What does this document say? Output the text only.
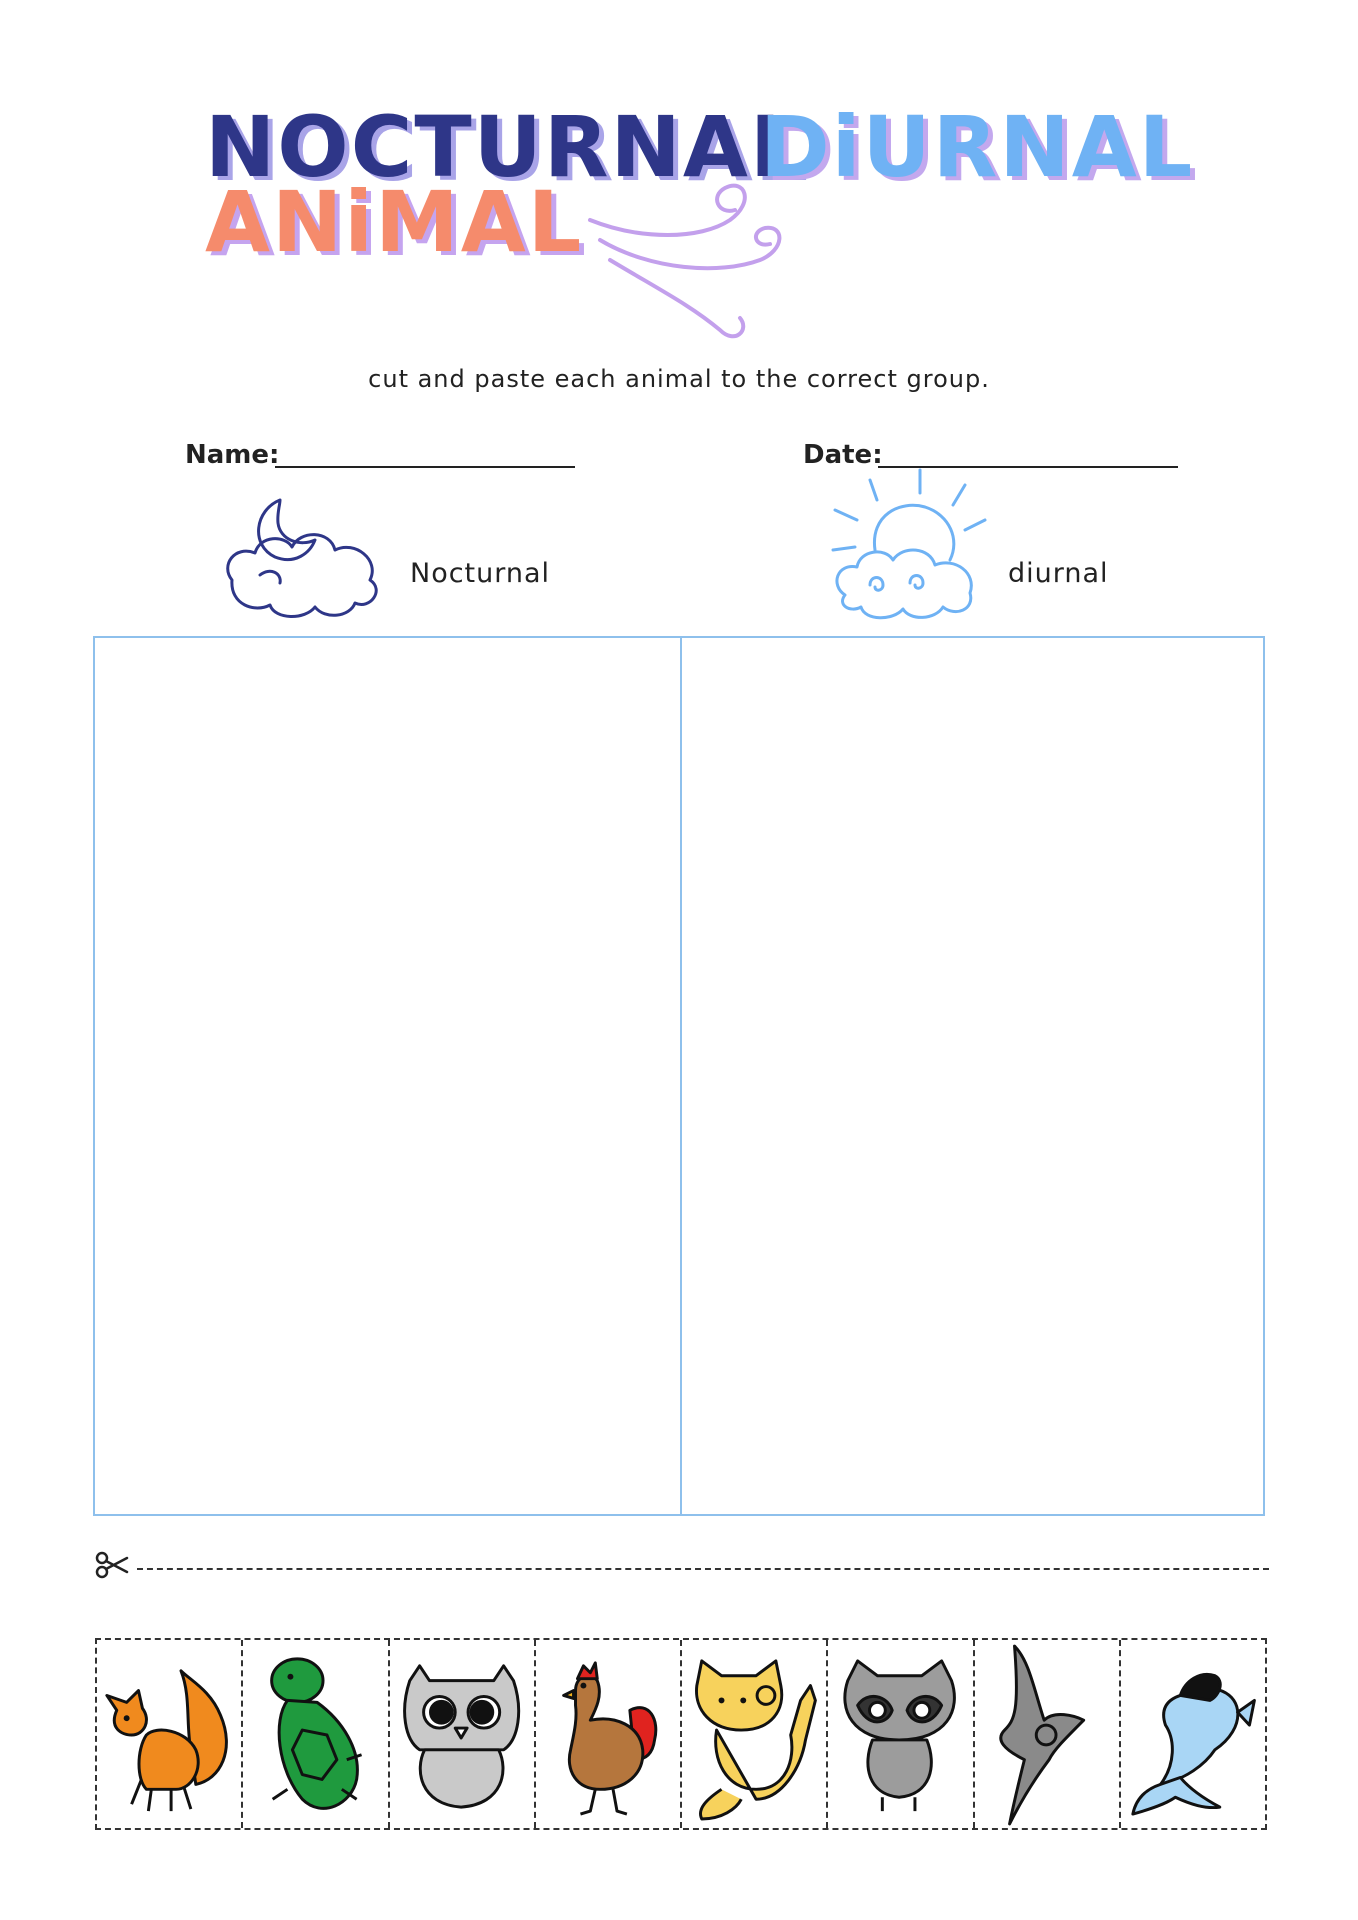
NOCTURNAL
DiURNAL
ANiMAL
cut and paste each animal to the correct group.
Name:	Date:
Nocturnal	diurnal
